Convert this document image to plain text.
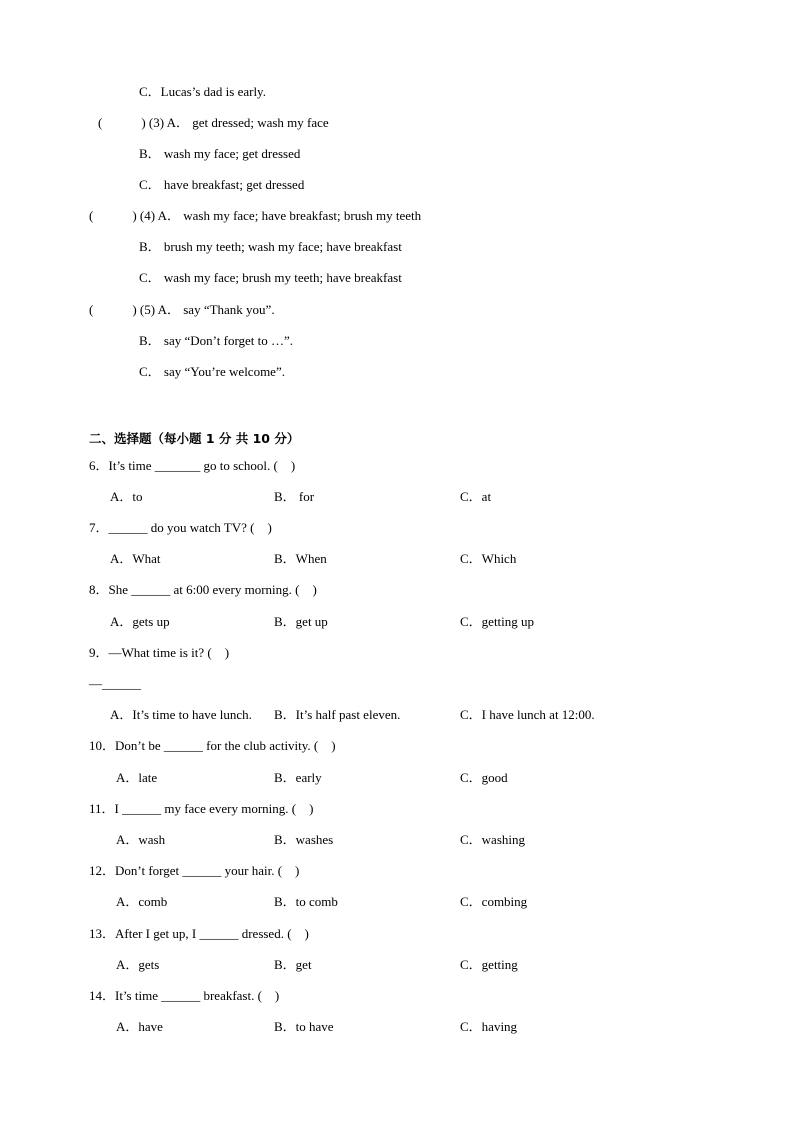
C．Lucas’s dad is early.
(　　　) (3) A． get dressed; wash my face
B． wash my face; get dressed
C． have breakfast; get dressed
(　　　) (4) A． wash my face; have breakfast; brush my teeth
B． brush my teeth; wash my face; have breakfast
C． wash my face; brush my teeth; have breakfast
(　　　) (5) A． say “Thank you”.
B． say “Don’t forget to …”.
C． say “You’re welcome”.
二、选择题（每小题 1 分 共 10 分）
6．It’s time _______ go to school. (　)
A．to	B． for	C．at
7．______ do you watch TV? (　)
A．What	B．When	C．Which
8．She ______ at 6:00 every morning. (　)
A．gets up	B．get up	C．getting up
9．—What time is it? (　)
—______
A．It’s time to have lunch. B．It’s half past eleven.	C．I have lunch at 12:00.
10．Don’t be ______ for the club activity. (　)
A．late	B．early	C．good
11．I ______ my face every morning. (　)
A．wash	B．washes	C．washing
12．Don’t forget ______ your hair. (　)
A．comb	B．to comb	C．combing
13．After I get up, I ______ dressed. (　)
A．gets	B．get	C．getting
14．It’s time ______ breakfast. (　)
A．have	B．to have	C．having
